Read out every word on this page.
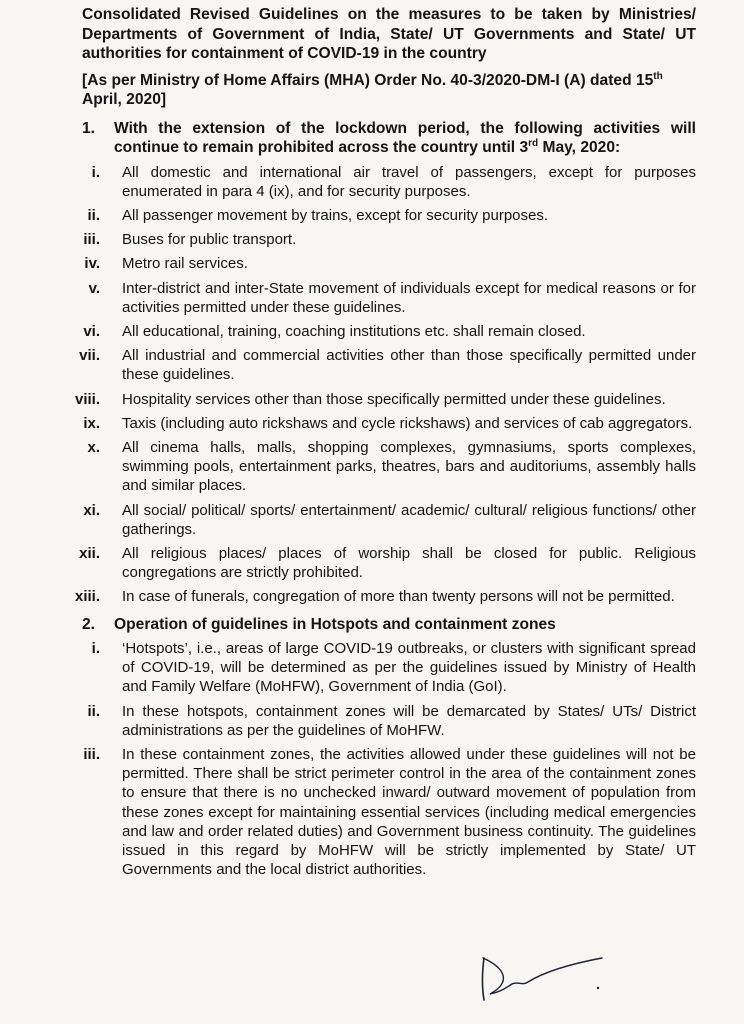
Consolidated Revised Guidelines on the measures to be taken by Ministries/ Departments of Government of India, State/ UT Governments and State/ UT authorities for containment of COVID-19 in the country

[As per Ministry of Home Affairs (MHA) Order No. 40-3/2020-DM-I (A) dated 15th April, 2020]

1. With the extension of the lockdown period, the following activities will continue to remain prohibited across the country until 3rd May, 2020:

i. All domestic and international air travel of passengers, except for purposes enumerated in para 4 (ix), and for security purposes.

ii. All passenger movement by trains, except for security purposes.

iii. Buses for public transport.

iv. Metro rail services.

v. Inter-district and inter-State movement of individuals except for medical reasons or for activities permitted under these guidelines.

vi. All educational, training, coaching institutions etc. shall remain closed.

vii. All industrial and commercial activities other than those specifically permitted under these guidelines.

viii. Hospitality services other than those specifically permitted under these guidelines.

ix. Taxis (including auto rickshaws and cycle rickshaws) and services of cab aggregators.

x. All cinema halls, malls, shopping complexes, gymnasiums, sports complexes, swimming pools, entertainment parks, theatres, bars and auditoriums, assembly halls and similar places.

xi. All social/ political/ sports/ entertainment/ academic/ cultural/ religious functions/ other gatherings.

xii. All religious places/ places of worship shall be closed for public. Religious congregations are strictly prohibited.

xiii. In case of funerals, congregation of more than twenty persons will not be permitted.

2. Operation of guidelines in Hotspots and containment zones

i. ‘Hotspots’, i.e., areas of large COVID-19 outbreaks, or clusters with significant spread of COVID-19, will be determined as per the guidelines issued by Ministry of Health and Family Welfare (MoHFW), Government of India (GoI).

ii. In these hotspots, containment zones will be demarcated by States/ UTs/ District administrations as per the guidelines of MoHFW.

iii. In these containment zones, the activities allowed under these guidelines will not be permitted. There shall be strict perimeter control in the area of the containment zones to ensure that there is no unchecked inward/ outward movement of population from these zones except for maintaining essential services (including medical emergencies and law and order related duties) and Government business continuity. The guidelines issued in this regard by MoHFW will be strictly implemented by State/ UT Governments and the local district authorities.
